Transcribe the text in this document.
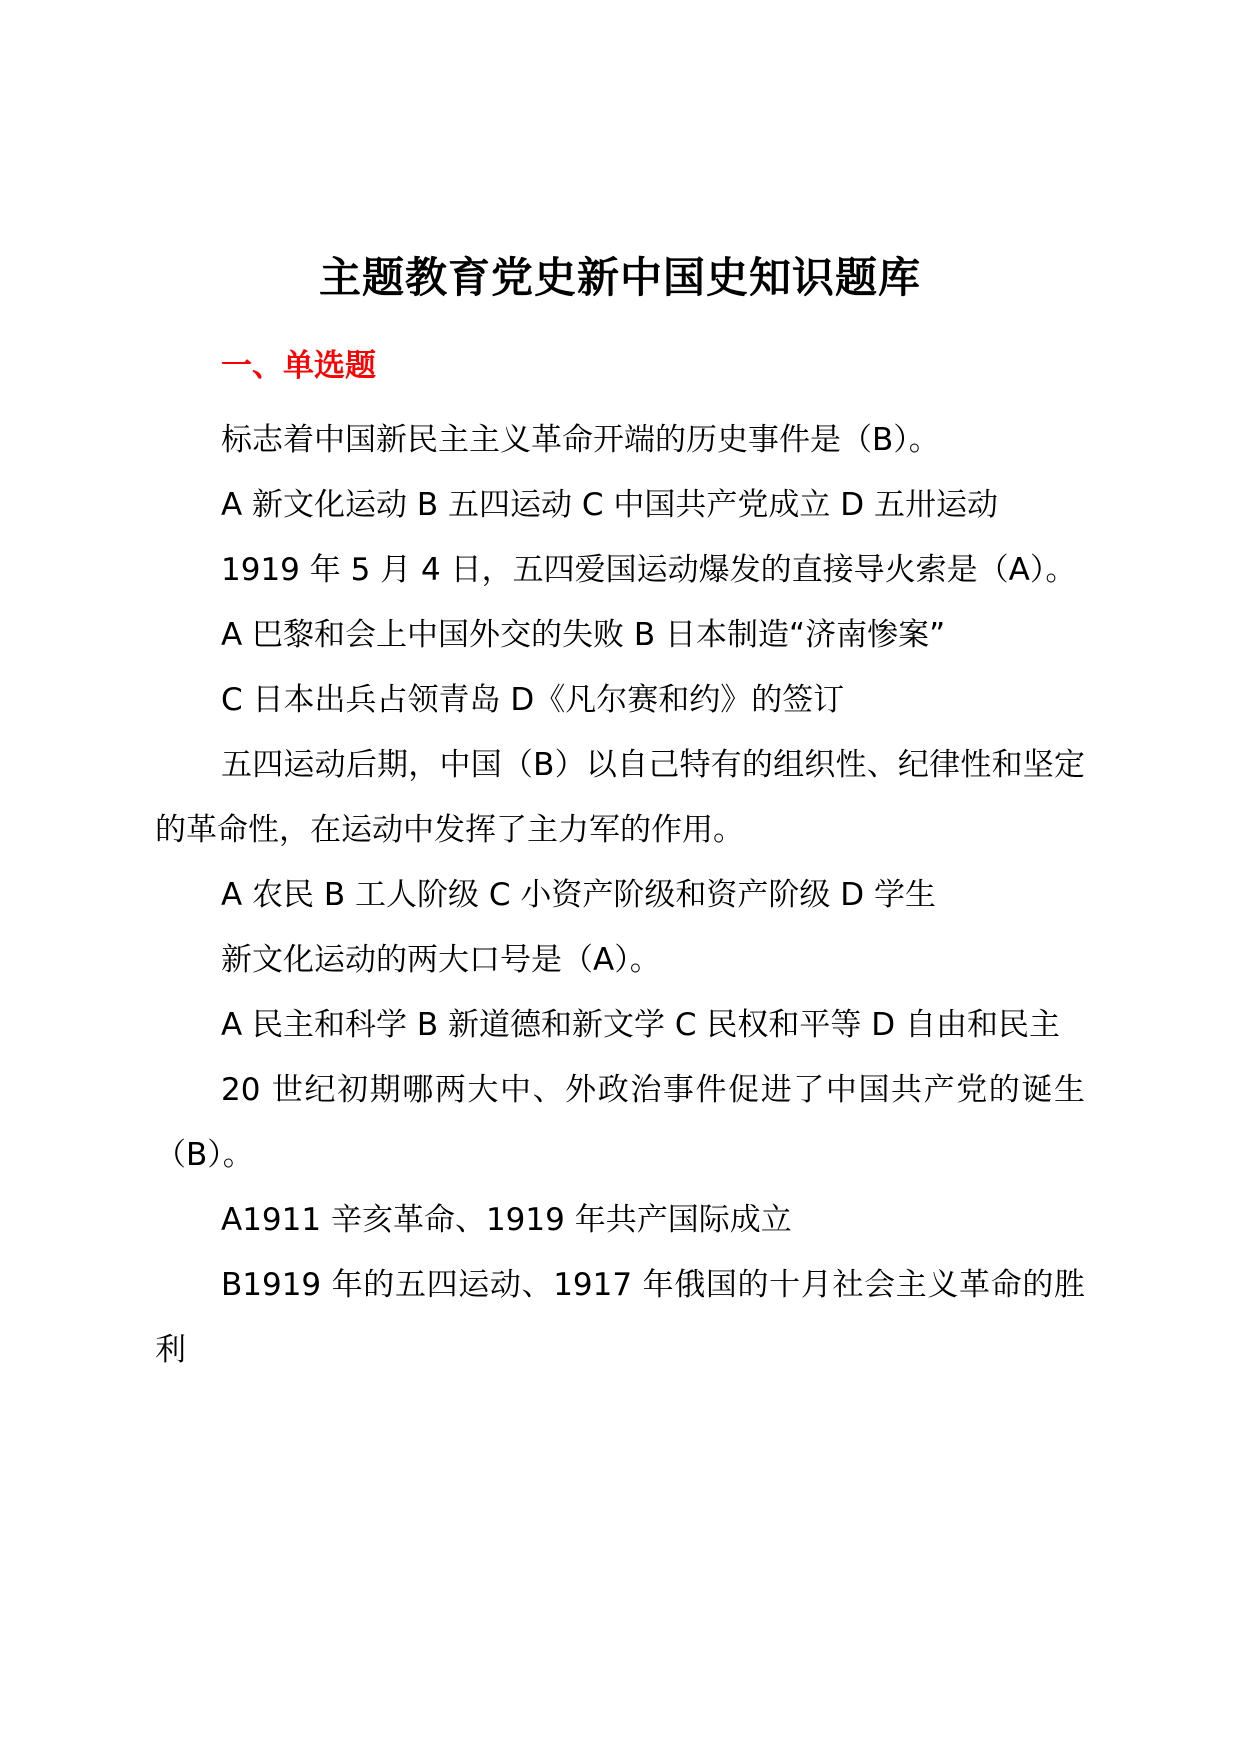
主题教育党史新中国史知识题库
一、单选题

标志着中国新民主主义革命开端的历史事件是（B）。

A 新文化运动 B 五四运动 C 中国共产党成立 D 五卅运动

1919 年 5 月 4 日，五四爱国运动爆发的直接导火索是（A）。

A 巴黎和会上中国外交的失败 B 日本制造“济南惨案”

C 日本出兵占领青岛 D《凡尔赛和约》的签订

五四运动后期，中国（B）以自己特有的组织性、纪律性和坚定的革命性，在运动中发挥了主力军的作用。

A 农民 B 工人阶级 C 小资产阶级和资产阶级 D 学生

新文化运动的两大口号是（A）。

A 民主和科学 B 新道德和新文学 C 民权和平等 D 自由和民主

20 世纪初期哪两大中、外政治事件促进了中国共产党的诞生（B）。

A1911 辛亥革命、1919 年共产国际成立

B1919 年的五四运动、1917 年俄国的十月社会主义革命的胜利
